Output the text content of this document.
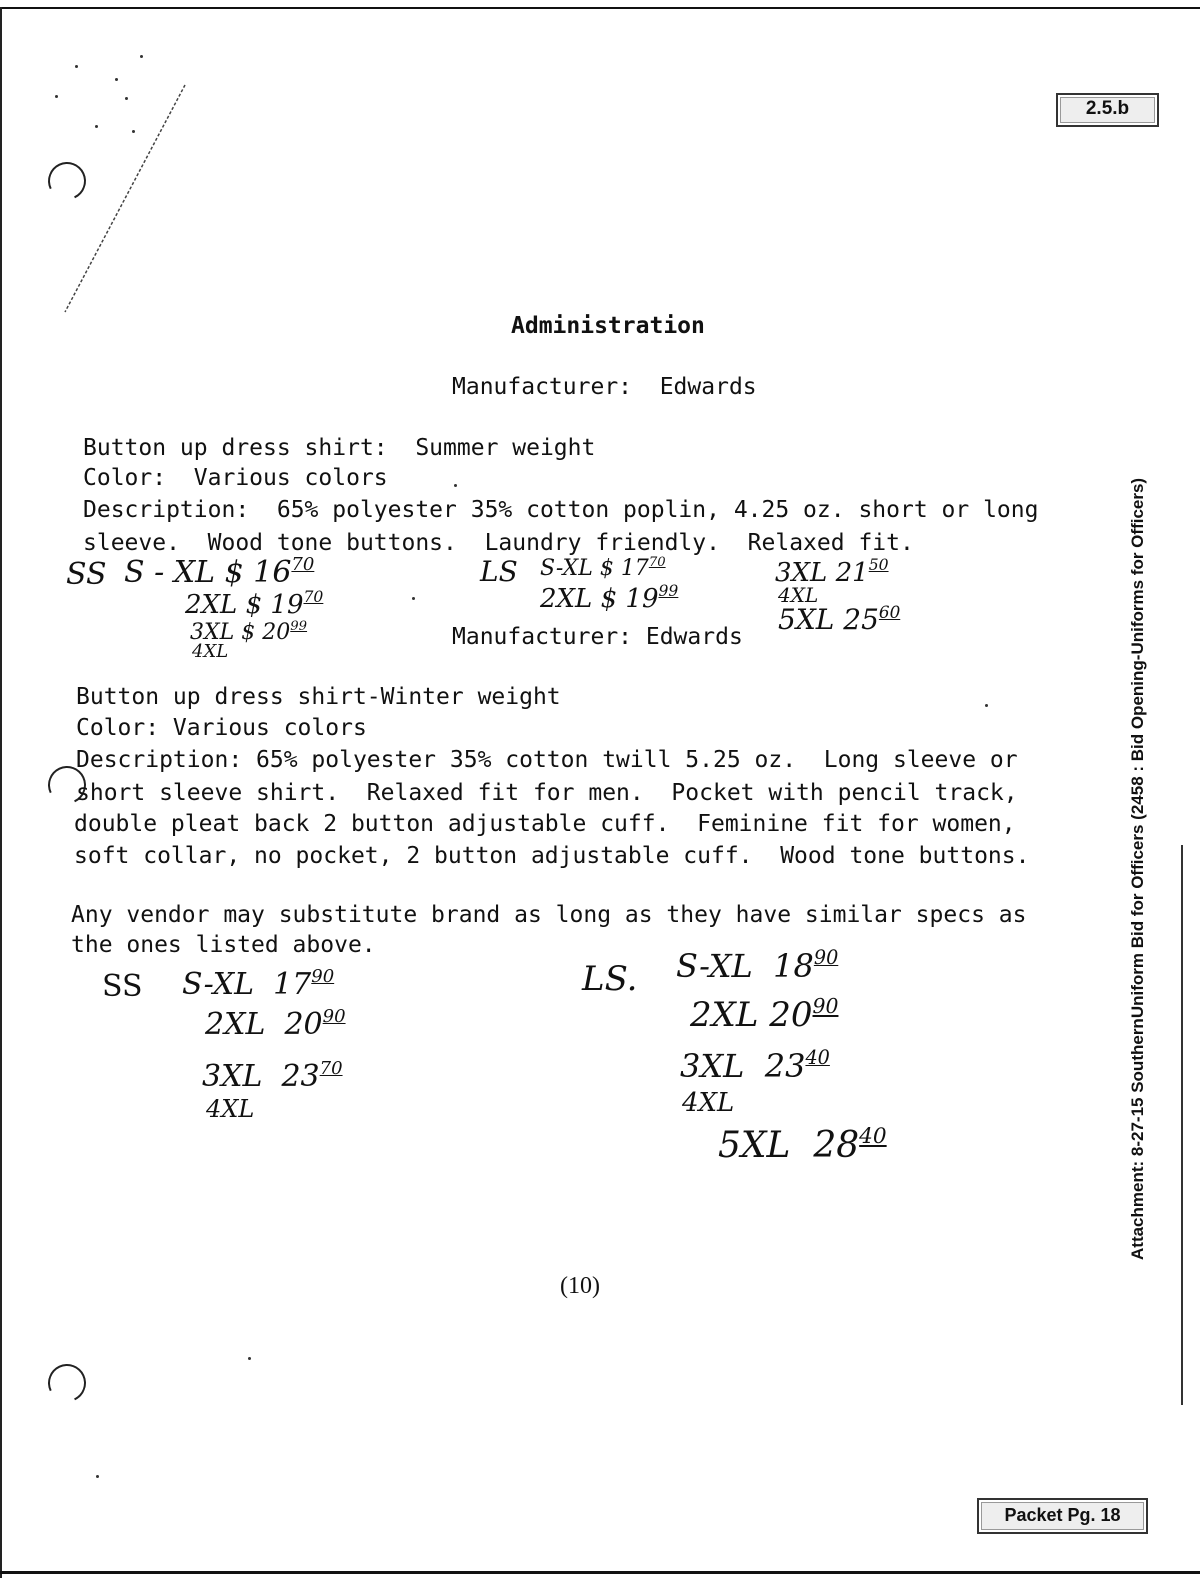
2.5.b
Administration
Manufacturer:  Edwards
Button up dress shirt:  Summer weight
Color:  Various colors
Description:  65% polyester 35% cotton poplin, 4.25 oz. short or long
sleeve.  Wood tone buttons.  Laundry friendly.  Relaxed fit.
SS S - XL $ $16^{70}$
2XL $ $19^{70}$
3XL $ $20^{99}$
4XL
LS S-XL $ $17^{70}$
2XL $ $19^{99}$
3XL $21^{50}$
4XL
5XL $25^{60}$
Manufacturer: Edwards
Button up dress shirt-Winter weight
Color: Various colors
Description: 65% polyester 35% cotton twill 5.25 oz.  Long sleeve or
short sleeve shirt.  Relaxed fit for men.  Pocket with pencil track,
double pleat back 2 button adjustable cuff.  Feminine fit for women,
soft collar, no pocket, 2 button adjustable cuff.  Wood tone buttons.
Any vendor may substitute brand as long as they have similar specs as
the ones listed above.
SS S-XL $17^{90}$
2XL $20^{90}$
3XL $23^{70}$
4XL
LS. S-XL $18^{90}$
2XL $20^{90}$
3XL $23^{40}$
4XL
5XL $28^{40}$
(10)
Attachment: 8-27-15 SouthernUniform Bid for Officers (2458 : Bid Opening-Uniforms for Officers)
Packet Pg. 18
